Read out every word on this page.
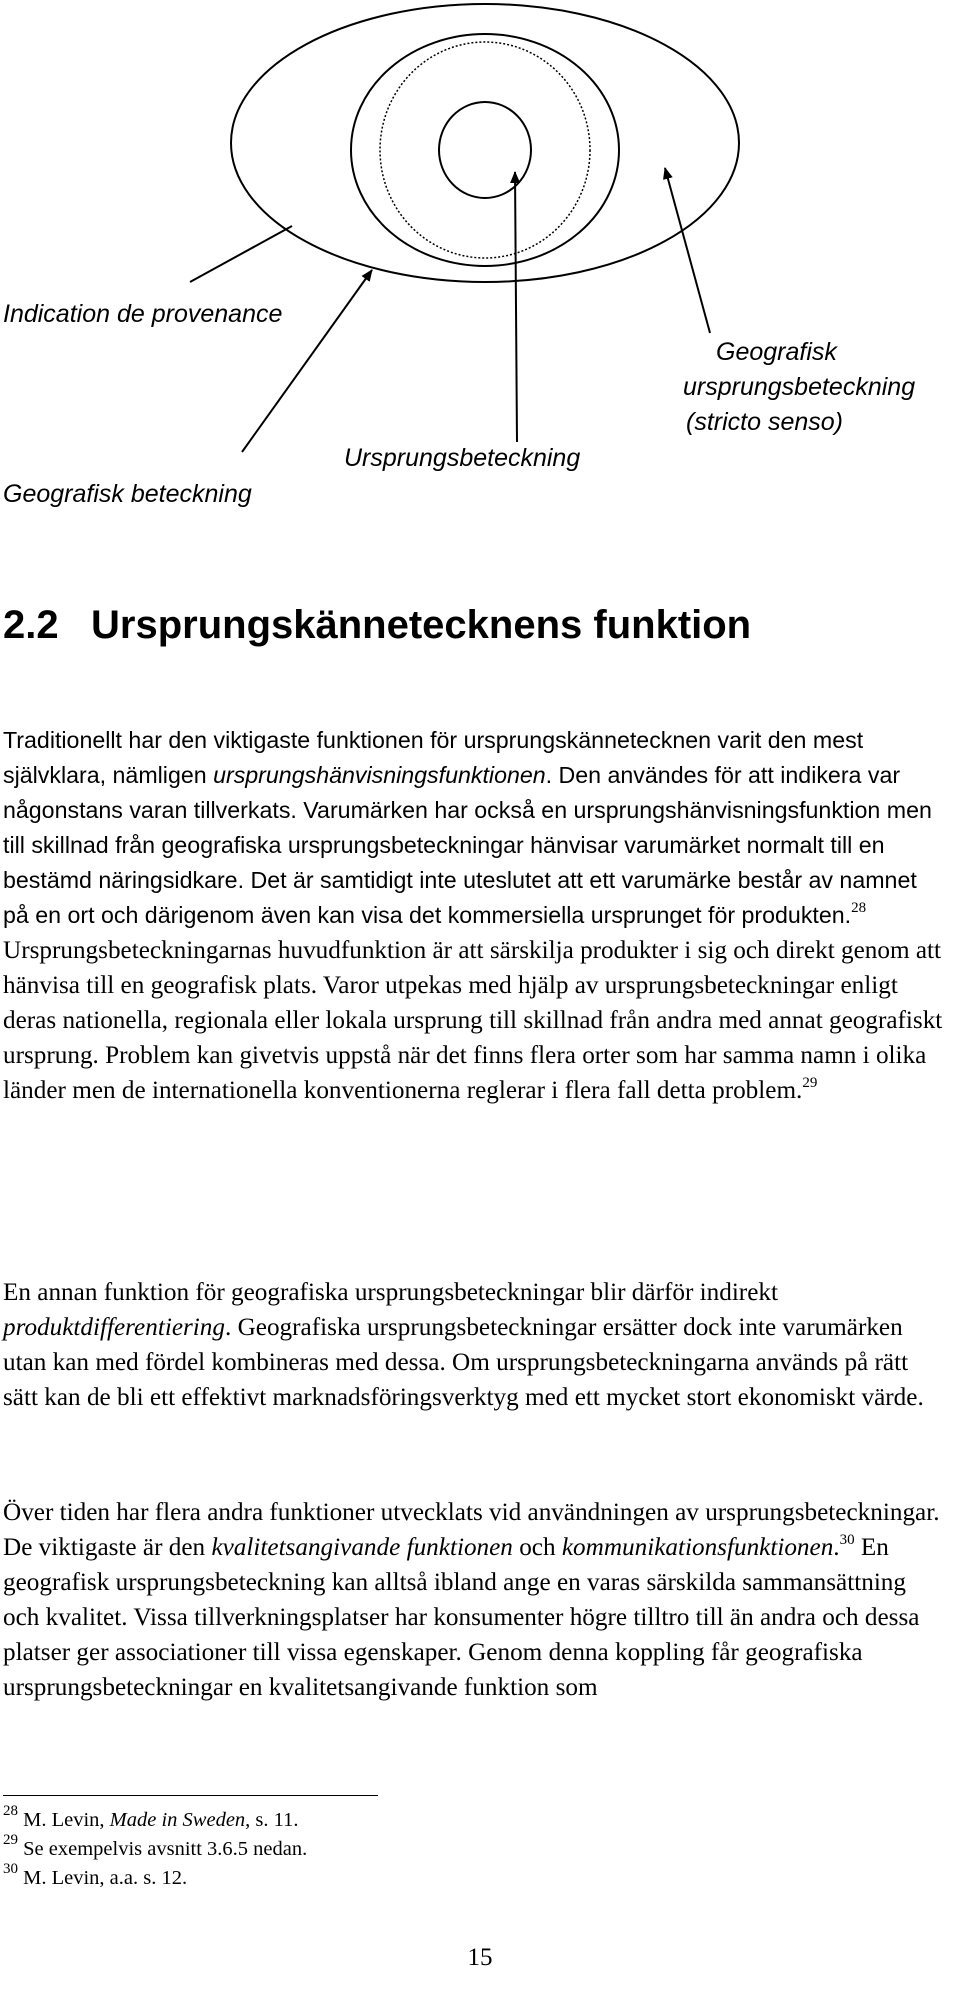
Indication de provenance
Geografisk beteckning
Ursprungsbeteckning
Geografisk
ursprungsbeteckning
(stricto senso)
2.2 Ursprungskännetecknens funktion

Traditionellt har den viktigaste funktionen för ursprungskännetecknen varit den mest självklara, nämligen ursprungshänvisningsfunktionen. Den användes för att indikera var någonstans varan tillverkats. Varumärken har också en ursprungshänvisningsfunktion men till skillnad från geografiska ursprungsbeteckningar hänvisar varumärket normalt till en bestämd näringsidkare. Det är samtidigt inte uteslutet att ett varumärke består av namnet på en ort och därigenom även kan visa det kommersiella ursprunget för produkten.$^{28}$ Ursprungsbeteckningarnas huvudfunktion är att särskilja produkter i sig och direkt genom att hänvisa till en geografisk plats. Varor utpekas med hjälp av ursprungsbeteckningar enligt deras nationella, regionala eller lokala ursprung till skillnad från andra med annat geografiskt ursprung. Problem kan givetvis uppstå när det finns flera orter som har samma namn i olika länder men de internationella konventionerna reglerar i flera fall detta problem.$^{29}$

En annan funktion för geografiska ursprungsbeteckningar blir därför indirekt produktdifferentiering. Geografiska ursprungsbeteckningar ersätter dock inte varumärken utan kan med fördel kombineras med dessa. Om ursprungsbeteckningarna används på rätt sätt kan de bli ett effektivt marknadsföringsverktyg med ett mycket stort ekonomiskt värde.

Över tiden har flera andra funktioner utvecklats vid användningen av ursprungsbeteckningar. De viktigaste är den kvalitetsangivande funktionen och kommunikationsfunktionen.$^{30}$ En geografisk ursprungsbeteckning kan alltså ibland ange en varas särskilda sammansättning och kvalitet. Vissa tillverkningsplatser har konsumenter högre tilltro till än andra och dessa platser ger associationer till vissa egenskaper. Genom denna koppling får geografiska ursprungsbeteckningar en kvalitetsangivande funktion som

$^{28}$ M. Levin, Made in Sweden, s. 11.
$^{29}$ Se exempelvis avsnitt 3.6.5 nedan.
$^{30}$ M. Levin, a.a. s. 12.
15
